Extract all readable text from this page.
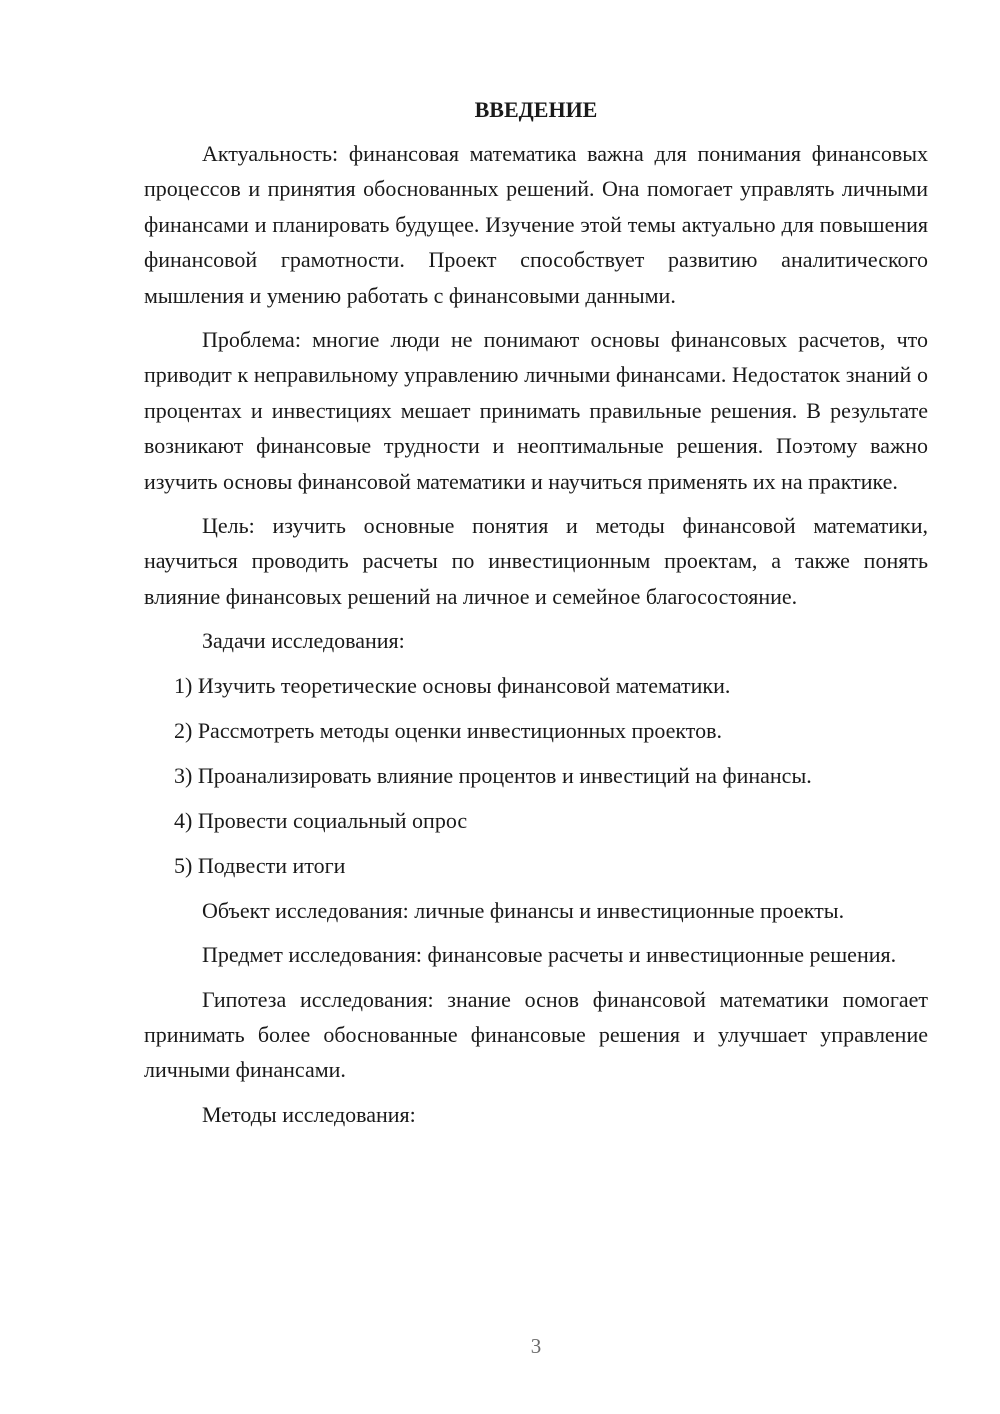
ВВЕДЕНИЕ

Актуальность: финансовая математика важна для понимания финансовых процессов и принятия обоснованных решений. Она помогает управлять личными финансами и планировать будущее. Изучение этой темы актуально для повышения финансовой грамотности. Проект способствует развитию аналитического мышления и умению работать с финансовыми данными.

Проблема: многие люди не понимают основы финансовых расчетов, что приводит к неправильному управлению личными финансами. Недостаток знаний о процентах и инвестициях мешает принимать правильные решения. В результате возникают финансовые трудности и неоптимальные решения. Поэтому важно изучить основы финансовой математики и научиться применять их на практике.

Цель: изучить основные понятия и методы финансовой математики, научиться проводить расчеты по инвестиционным проектам, а также понять влияние финансовых решений на личное и семейное благосостояние.

Задачи исследования:

1) Изучить теоретические основы финансовой математики.
2) Рассмотреть методы оценки инвестиционных проектов.
3) Проанализировать влияние процентов и инвестиций на финансы.
4) Провести социальный опрос
5) Подвести итоги

Объект исследования: личные финансы и инвестиционные проекты.

Предмет исследования: финансовые расчеты и инвестиционные решения.

Гипотеза исследования: знание основ финансовой математики помогает принимать более обоснованные финансовые решения и улучшает управление личными финансами.

Методы исследования:

3
